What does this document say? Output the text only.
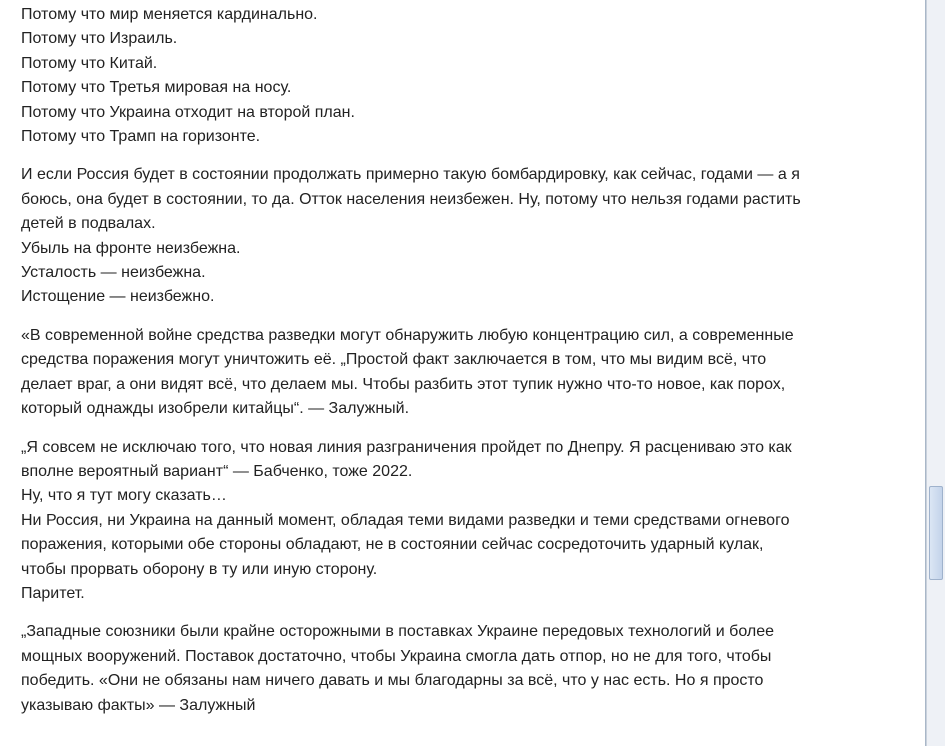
Потому что мир меняется кардинально.
Потому что Израиль.
Потому что Китай.
Потому что Третья мировая на носу.
Потому что Украина отходит на второй план.
Потому что Трамп на горизонте.

И если Россия будет в состоянии продолжать примерно такую бомбардировку, как сейчас, годами — а я
боюсь, она будет в состоянии, то да. Отток населения неизбежен. Ну, потому что нельзя годами растить
детей в подвалах.
Убыль на фронте неизбежна.
Усталость — неизбежна.
Истощение — неизбежно.

«В современной войне средства разведки могут обнаружить любую концентрацию сил, а современные
средства поражения могут уничтожить её. „Простой факт заключается в том, что мы видим всё, что
делает враг, а они видят всё, что делаем мы. Чтобы разбить этот тупик нужно что-то новое, как порох,
который однажды изобрели китайцы“. — Залужный.

„Я совсем не исключаю того, что новая линия разграничения пройдет по Днепру. Я расцениваю это как
вполне вероятный вариант“ — Бабченко, тоже 2022.
Ну, что я тут могу сказать…
Ни Россия, ни Украина на данный момент, обладая теми видами разведки и теми средствами огневого
поражения, которыми обе стороны обладают, не в состоянии сейчас сосредоточить ударный кулак,
чтобы прорвать оборону в ту или иную сторону.
Паритет.

„Западные союзники были крайне осторожными в поставках Украине передовых технологий и более
мощных вооружений. Поставок достаточно, чтобы Украина смогла дать отпор, но не для того, чтобы
победить. «Они не обязаны нам ничего давать и мы благодарны за всё, что у нас есть. Но я просто
указываю факты» — Залужный
